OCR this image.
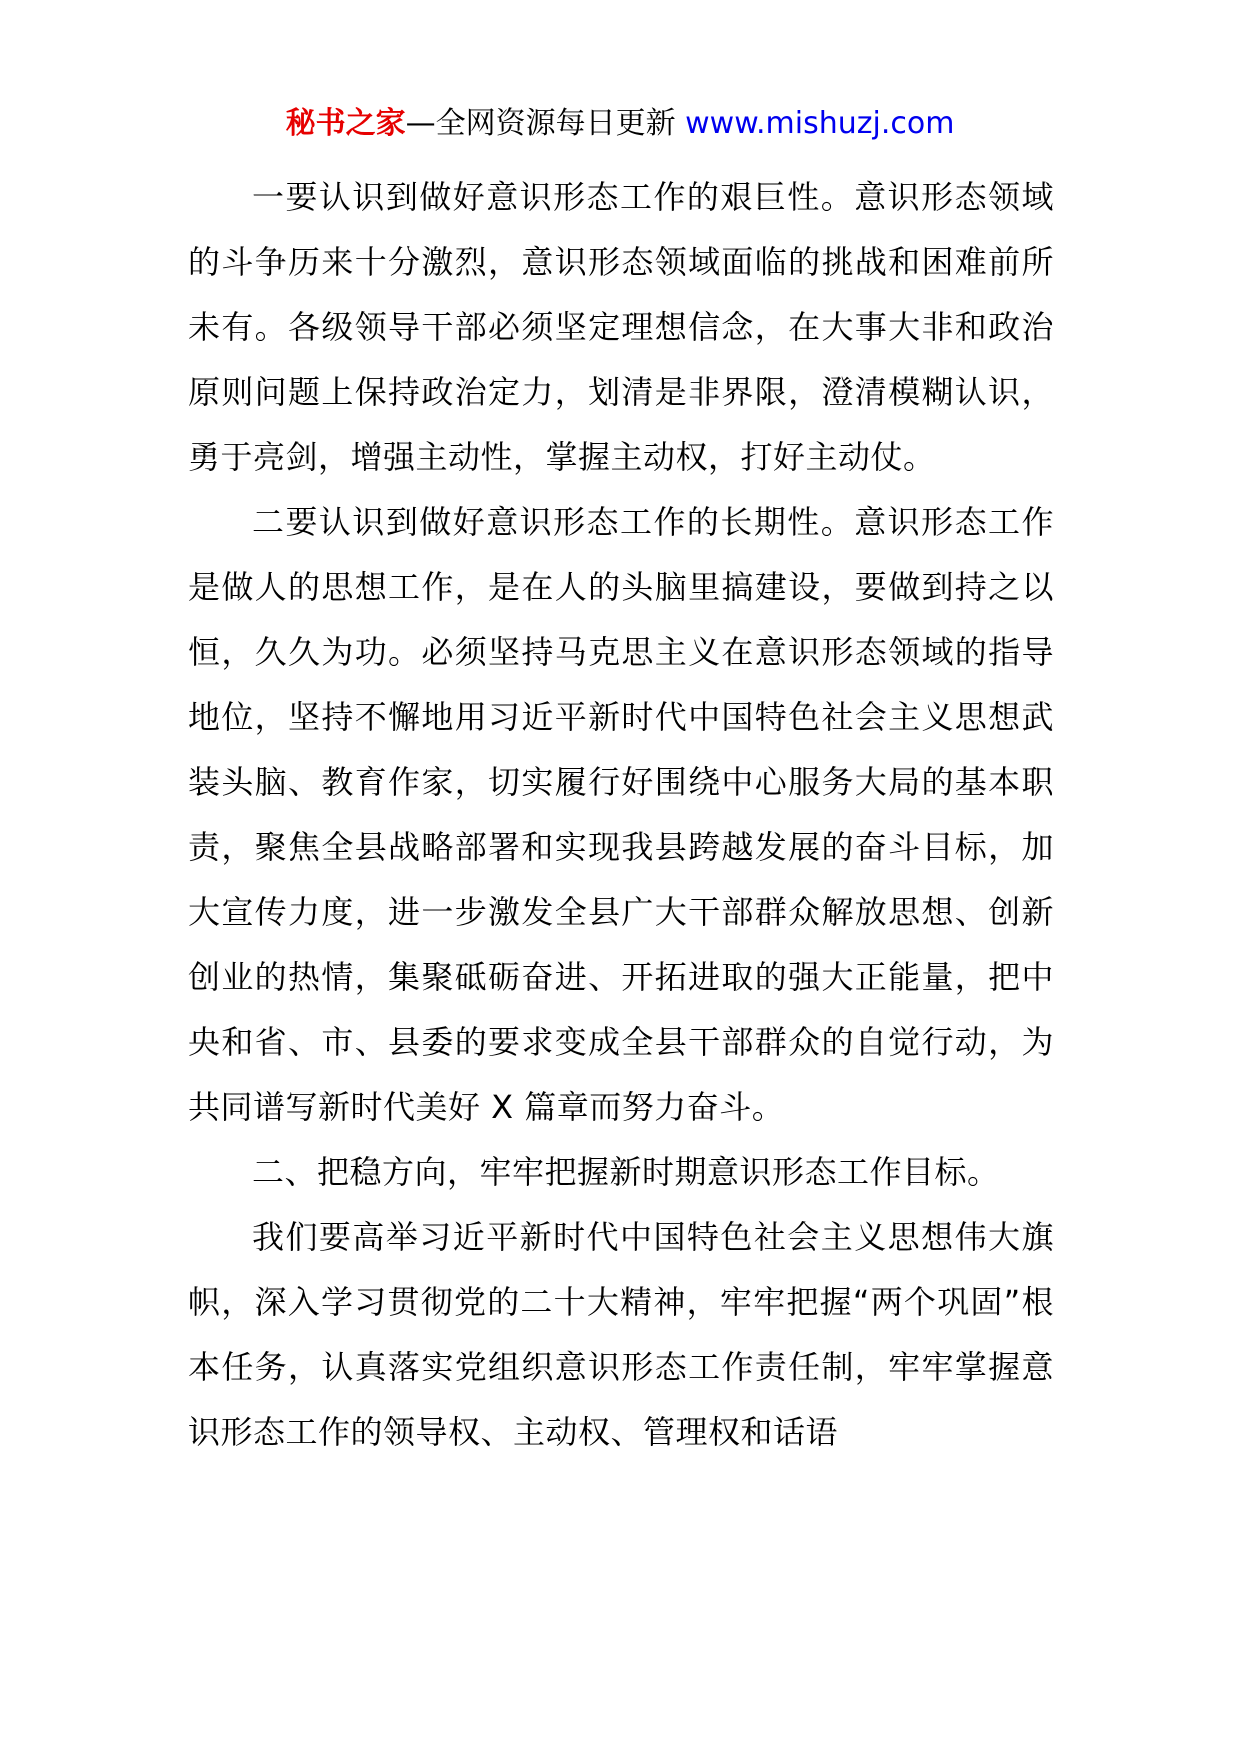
秘书之家—全网资源每日更新 www.mishuzj.com

一要认识到做好意识形态工作的艰巨性。意识形态领域的斗争历来十分激烈，意识形态领域面临的挑战和困难前所未有。各级领导干部必须坚定理想信念，在大事大非和政治原则问题上保持政治定力，划清是非界限，澄清模糊认识，勇于亮剑，增强主动性，掌握主动权，打好主动仗。

二要认识到做好意识形态工作的长期性。意识形态工作是做人的思想工作，是在人的头脑里搞建设，要做到持之以恒，久久为功。必须坚持马克思主义在意识形态领域的指导地位，坚持不懈地用习近平新时代中国特色社会主义思想武装头脑、教育作家，切实履行好围绕中心服务大局的基本职责，聚焦全县战略部署和实现我县跨越发展的奋斗目标，加大宣传力度，进一步激发全县广大干部群众解放思想、创新创业的热情，集聚砥砺奋进、开拓进取的强大正能量，把中央和省、市、县委的要求变成全县干部群众的自觉行动，为共同谱写新时代美好 X 篇章而努力奋斗。

二、把稳方向，牢牢把握新时期意识形态工作目标。

我们要高举习近平新时代中国特色社会主义思想伟大旗帜，深入学习贯彻党的二十大精神，牢牢把握“两个巩固”根本任务，认真落实党组织意识形态工作责任制，牢牢掌握意识形态工作的领导权、主动权、管理权和话语
